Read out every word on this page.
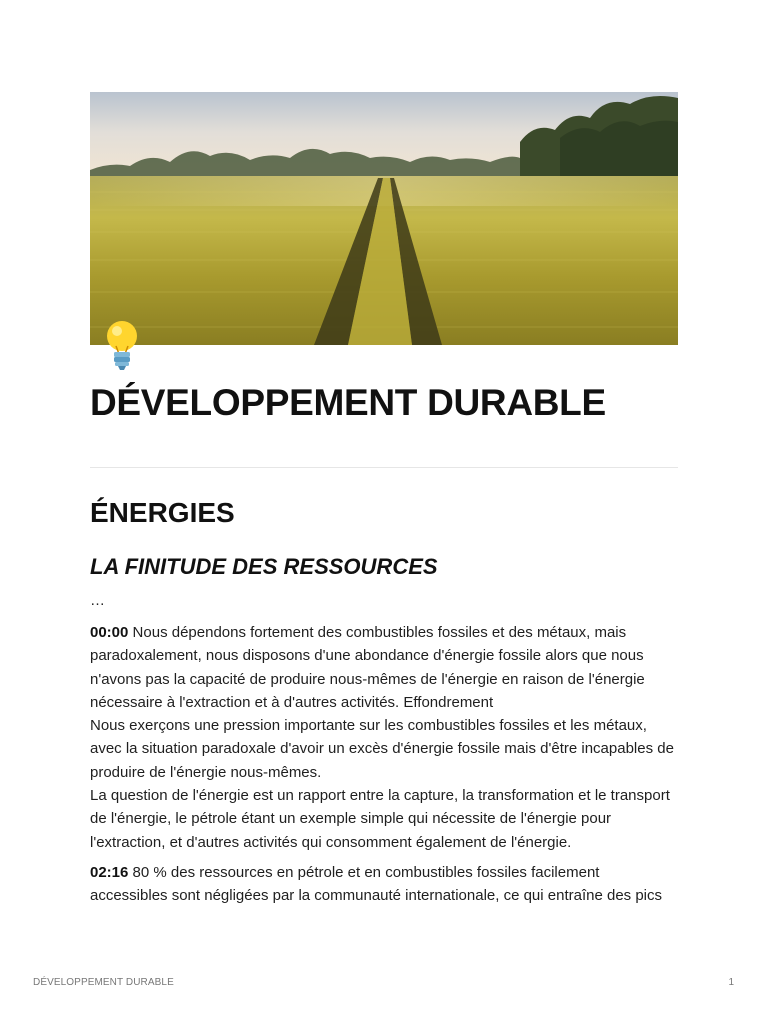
DÉVELOPPEMENT DURABLE
ÉNERGIES
LA FINITUDE DES RESSOURCES
…

00:00 Nous dépendons fortement des combustibles fossiles et des métaux, mais
paradoxalement, nous disposons d'une abondance d'énergie fossile alors que nous
n'avons pas la capacité de produire nous-mêmes de l'énergie en raison de l'énergie
nécessaire à l'extraction et à d'autres activités. Effondrement
Nous exerçons une pression importante sur les combustibles fossiles et les métaux,
avec la situation paradoxale d'avoir un excès d'énergie fossile mais d'être incapables de
produire de l'énergie nous-mêmes.
La question de l'énergie est un rapport entre la capture, la transformation et le transport
de l'énergie, le pétrole étant un exemple simple qui nécessite de l'énergie pour
l'extraction, et d'autres activités qui consomment également de l'énergie.

02:16 80 % des ressources en pétrole et en combustibles fossiles facilement
accessibles sont négligées par la communauté internationale, ce qui entraîne des pics

DÉVELOPPEMENT DURABLE	1
